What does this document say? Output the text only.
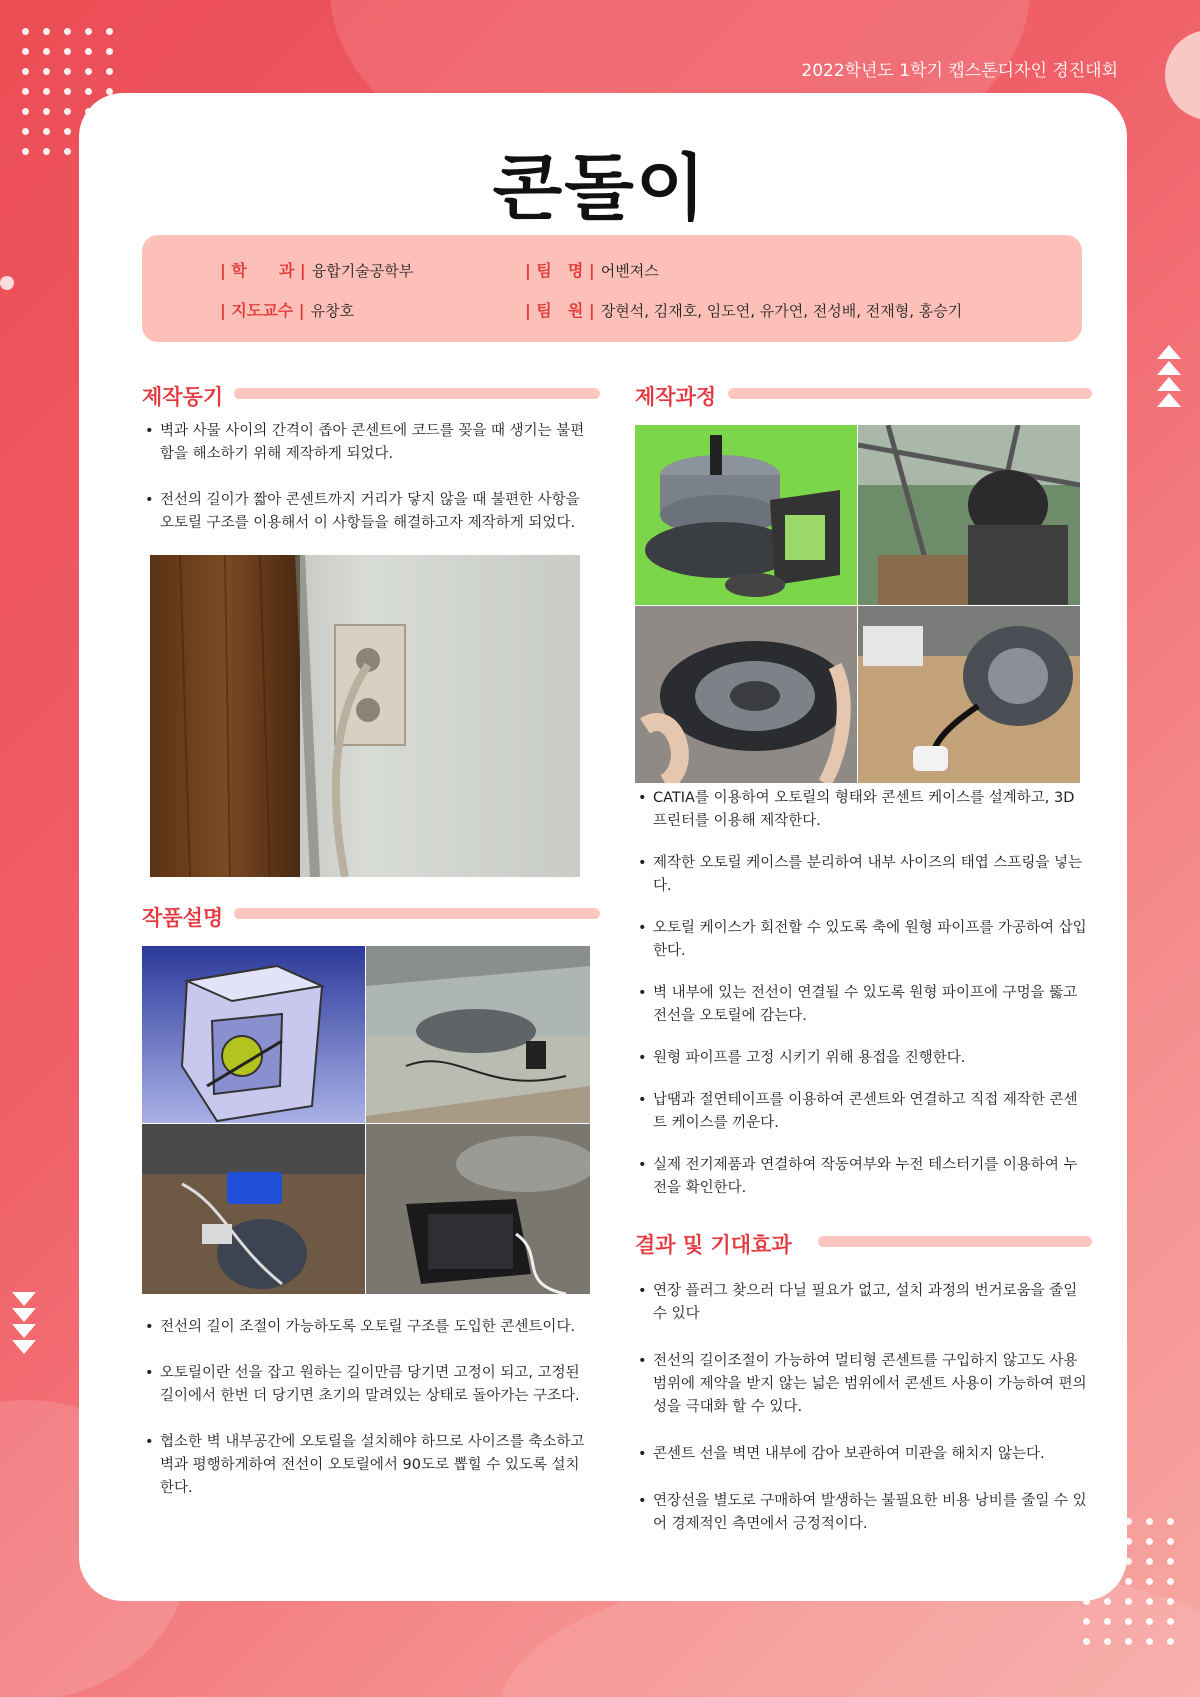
2022학년도 1학기 캡스톤디자인 경진대회
콘돌이
| 학　　과 | 융합기술공학부	| 팀　명 | 어벤져스
| 지도교수 | 유창호	| 팀　원 | 장현석, 김재호, 임도연, 유가연, 전성배, 전재형, 홍승기
제작동기
• 벽과 사물 사이의 간격이 좁아 콘센트에 코드를 꽂을 때 생기는 불편함을 해소하기 위해 제작하게 되었다.
• 전선의 길이가 짧아 콘센트까지 거리가 닿지 않을 때 불편한 사항을 오토릴 구조를 이용해서 이 사항들을 해결하고자 제작하게 되었다.
작품설명
• 전선의 길이 조절이 가능하도록 오토릴 구조를 도입한 콘센트이다.
• 오토릴이란 선을 잡고 원하는 길이만큼 당기면 고정이 되고, 고정된 길이에서 한번 더 당기면 초기의 말려있는 상태로 돌아가는 구조다.
• 협소한 벽 내부공간에 오토릴을 설치해야 하므로 사이즈를 축소하고 벽과 평행하게하여 전선이 오토릴에서 90도로 뽑힐 수 있도록 설치 한다.
제작과정
• CATIA를 이용하여 오토릴의 형태와 콘센트 케이스를 설계하고, 3D프린터를 이용해 제작한다.
• 제작한 오토릴 케이스를 분리하여 내부 사이즈의 태엽 스프링을 넣는다.
• 오토릴 케이스가 회전할 수 있도록 축에 원형 파이프를 가공하여 삽입한다.
• 벽 내부에 있는 전선이 연결될 수 있도록 원형 파이프에 구멍을 뚫고 전선을 오토릴에 감는다.
• 원형 파이프를 고정 시키기 위해 용접을 진행한다.
• 납땜과 절연테이프를 이용하여 콘센트와 연결하고 직접 제작한 콘센트 케이스를 끼운다.
• 실제 전기제품과 연결하여 작동여부와 누전 테스터기를 이용하여 누전을 확인한다.
결과 및 기대효과
• 연장 플러그 찾으러 다닐 필요가 없고, 설치 과정의 번거로움을 줄일 수 있다
• 전선의 길이조절이 가능하여 멀티형 콘센트를 구입하지 않고도 사용 범위에 제약을 받지 않는 넓은 범위에서 콘센트 사용이 가능하여 편의성을 극대화 할 수 있다.
• 콘센트 선을 벽면 내부에 감아 보관하여 미관을 해치지 않는다.
• 연장선을 별도로 구매하여 발생하는 불필요한 비용 낭비를 줄일 수 있어 경제적인 측면에서 긍정적이다.
